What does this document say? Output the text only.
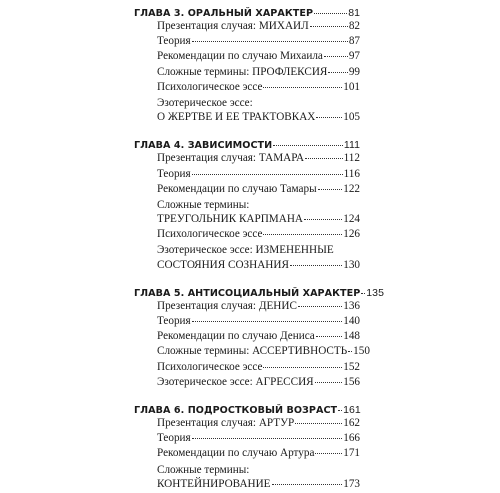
ГЛАВА 3. ОРАЛЬНЫЙ ХАРАКТЕР	81
Презентация случая: МИХАИЛ	82
Теория	87
Рекомендации по случаю Михаила 97
Сложные термины: ПРОФЛЕКСИЯ 99
Психологическое эссе	101
Эзотерическое эссе:
О ЖЕРТВЕ И ЕЕ ТРАКТОВКАХ 105
ГЛАВА 4. ЗАВИСИМОСТИ	111
Презентация случая: ТАМАРА	112
Теория	116
Рекомендации по случаю Тамары 122
Сложные термины:
ТРЕУГОЛЬНИК КАРПМАНА	124
Психологическое эссе	126
Эзотерическое эссе: ИЗМЕНЕННЫЕ
СОСТОЯНИЯ СОЗНАНИЯ	130
ГЛАВА 5. АНТИСОЦИАЛЬНЫЙ ХАРАКТЕР 135
Презентация случая: ДЕНИС	136
Теория	140
Рекомендации по случаю Дениса	148
Сложные термины: АССЕРТИВНОСТЬ 150
Психологическое эссе	152
Эзотерическое эссе: АГРЕССИЯ	156
ГЛАВА 6. ПОДРОСТКОВЫЙ ВОЗРАСТ 161
Презентация случая: АРТУР	162
Теория	166
Рекомендации по случаю Артура	171
Сложные термины:
КОНТЕЙНИРОВАНИЕ	173
